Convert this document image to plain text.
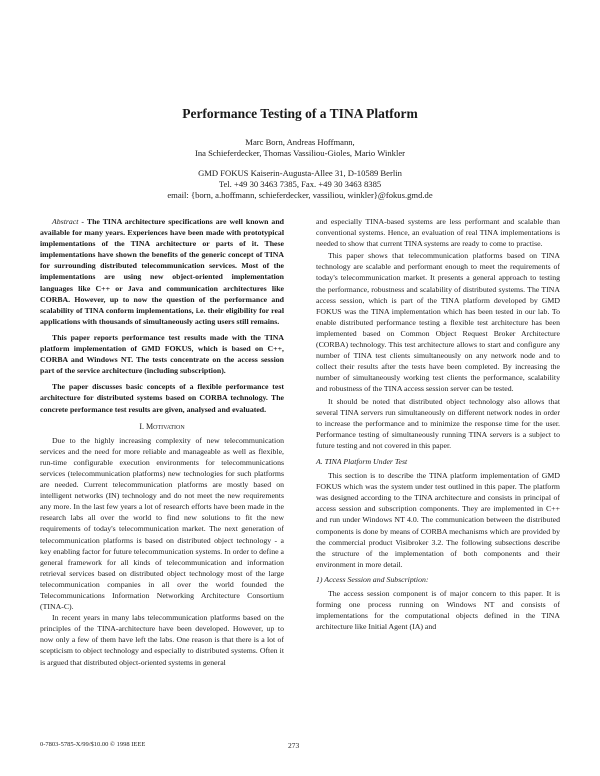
Performance Testing of a TINA Platform
Marc Born, Andreas Hoffmann,
Ina Schieferdecker, Thomas Vassiliou-Gioles, Mario Winkler
GMD FOKUS Kaiserin-Augusta-Allee 31, D-10589 Berlin
Tel. +49 30 3463 7385, Fax. +49 30 3463 8385
email: {born, a.hoffmann, schieferdecker, vassiliou, winkler}@fokus.gmd.de

Abstract - The TINA architecture specifications are well known and available for many years. Experiences have been made with prototypical implementations of the TINA architecture or parts of it. These implementations have shown the benefits of the generic concept of TINA for surrounding distributed telecommunication services. Most of the implementations are using new object-oriented implementation languages like C++ or Java and communication architectures like CORBA. However, up to now the question of the performance and scalability of TINA conform implementations, i.e. their eligibility for real applications with thousands of simultaneously acting users still remains.

This paper reports performance test results made with the TINA platform implementation of GMD FOKUS, which is based on C++, CORBA and Windows NT. The tests concentrate on the access session part of the service architecture (including subscription).

The paper discusses basic concepts of a flexible performance test architecture for distributed systems based on CORBA technology. The concrete performance test results are given, analysed and evaluated.

I. Motivation

Due to the highly increasing complexity of new telecommunication services and the need for more reliable and manageable as well as flexible, run-time configurable execution environments for telecommunications services (telecommunication platforms) new technologies for such platforms are needed. Current telecommunication platforms are mostly based on intelligent networks (IN) technology and do not meet the new requirements any more. In the last few years a lot of research efforts have been made in the research labs all over the world to find new solutions to fit the new requirements of today's telecommunication market. The next generation of telecommunication platforms is based on distributed object technology - a key enabling factor for future telecommunication systems. In order to define a general framework for all kinds of telecommunication and information retrieval services based on distributed object technology most of the large telecommunication companies in all over the world founded the Telecommunications Information Networking Architecture Consortium (TINA-C).

In recent years in many labs telecommunication platforms based on the principles of the TINA-architecture have been developed. However, up to now only a few of them have left the labs. One reason is that there is a lot of scepticism to object technology and especially to distributed systems. Often it is argued that distributed object-oriented systems in general

and especially TINA-based systems are less performant and scalable than conventional systems. Hence, an evaluation of real TINA implementations is needed to show that current TINA systems are ready to come to practise.

This paper shows that telecommunication platforms based on TINA technology are scalable and performant enough to meet the requirements of today's telecommunication market. It presents a general approach to testing the performance, robustness and scalability of distributed systems. The TINA access session, which is part of the TINA platform developed by GMD FOKUS was the TINA implementation which has been tested in our lab. To enable distributed performance testing a flexible test architecture has been implemented based on Common Object Request Broker Architecture (CORBA) technology. This test architecture allows to start and configure any number of TINA test clients simultaneously on any network node and to collect their results after the tests have been completed. By increasing the number of simultaneously working test clients the performance, scalability and robustness of the TINA access session server can be tested.

It should be noted that distributed object technology also allows that several TINA servers run simultaneously on different network nodes in order to increase the performance and to minimize the response time for the user. Performance testing of simultaneously running TINA servers is a subject to future testing and not covered in this paper.

A. TINA Platform Under Test

This section is to describe the TINA platform implementation of GMD FOKUS which was the system under test outlined in this paper. The platform was designed according to the TINA architecture and consists in principal of access session and subscription components. They are implemented in C++ and run under Windows NT 4.0. The communication between the distributed components is done by means of CORBA mechanisms which are provided by the commercial product Visibroker 3.2. The following subsections describe the structure of the implementation of both components and their environment in more detail.

1) Access Session and Subscription:

The access session component is of major concern to this paper. It is forming one process running on Windows NT and consists of implementations for the computational objects defined in the TINA architecture like Initial Agent (IA) and

0-7803-5785-X/99/$10.00 © 1998 IEEE	273
